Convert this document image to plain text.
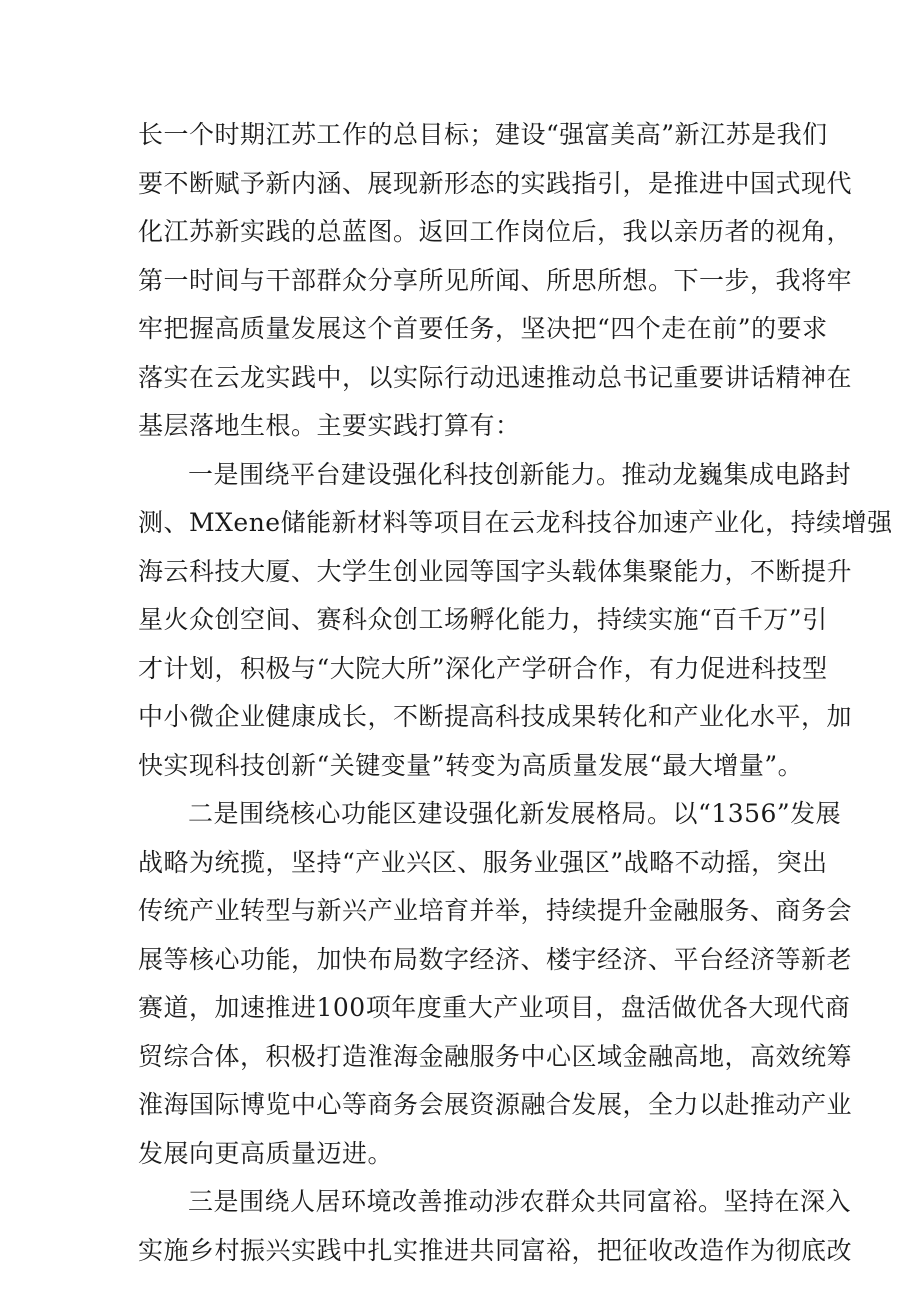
长一个时期江苏工作的总目标；建设“强富美高”新江苏是我们
要不断赋予新内涵、展现新形态的实践指引，是推进中国式现代
化江苏新实践的总蓝图。返回工作岗位后，我以亲历者的视角，
第一时间与干部群众分享所见所闻、所思所想。下一步，我将牢
牢把握高质量发展这个首要任务，坚决把“四个走在前”的要求
落实在云龙实践中，以实际行动迅速推动总书记重要讲话精神在
基层落地生根。主要实践打算有：
一是围绕平台建设强化科技创新能力。推动龙巍集成电路封
测、MXene储能新材料等项目在云龙科技谷加速产业化，持续增强
海云科技大厦、大学生创业园等国字头载体集聚能力，不断提升
星火众创空间、赛科众创工场孵化能力，持续实施“百千万”引
才计划，积极与“大院大所”深化产学研合作，有力促进科技型
中小微企业健康成长，不断提高科技成果转化和产业化水平，加
快实现科技创新“关键变量”转变为高质量发展“最大增量”。
二是围绕核心功能区建设强化新发展格局。以“1356”发展
战略为统揽，坚持“产业兴区、服务业强区”战略不动摇，突出
传统产业转型与新兴产业培育并举，持续提升金融服务、商务会
展等核心功能，加快布局数字经济、楼宇经济、平台经济等新老
赛道，加速推进100项年度重大产业项目，盘活做优各大现代商
贸综合体，积极打造淮海金融服务中心区域金融高地，高效统筹
淮海国际博览中心等商务会展资源融合发展，全力以赴推动产业
发展向更高质量迈进。
三是围绕人居环境改善推动涉农群众共同富裕。坚持在深入
实施乡村振兴实践中扎实推进共同富裕，把征收改造作为彻底改
